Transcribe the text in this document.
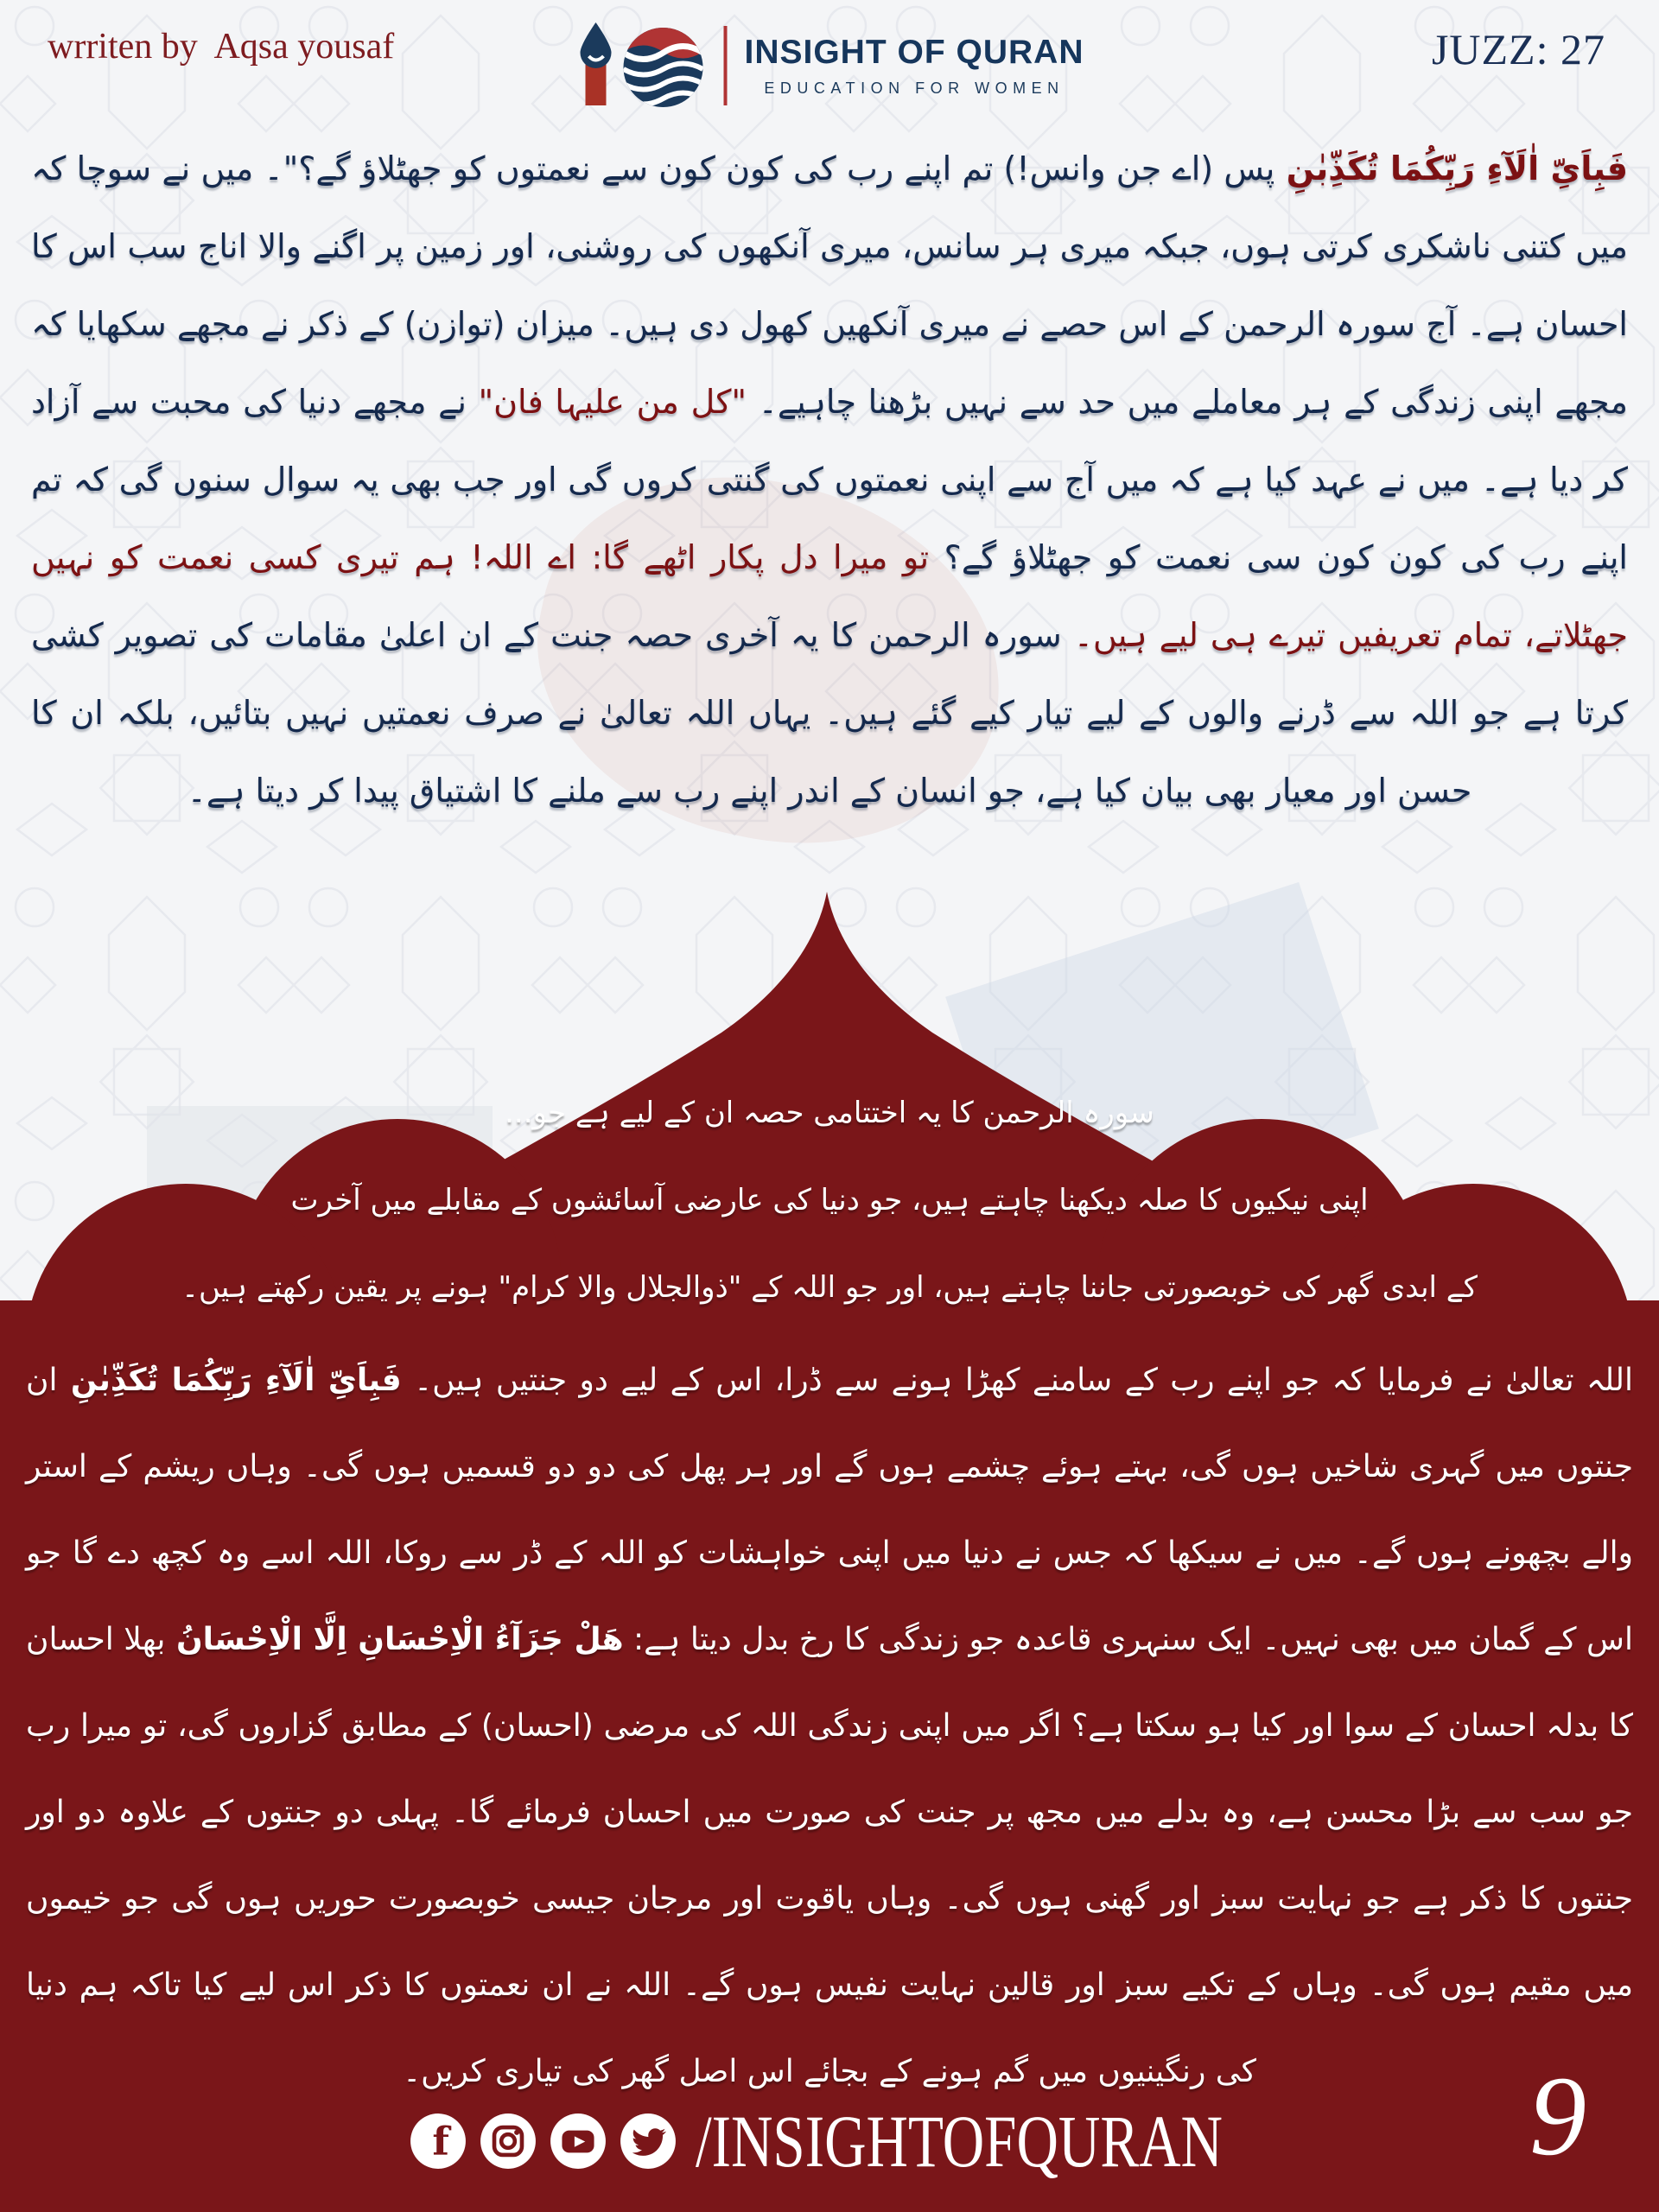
wrriten by  Aqsa yousaf	JUZZ: 27
INSIGHT OF QURAN
EDUCATION FOR WOMEN
فَبِاَیِّ اٰلَآءِ رَبِّکُمَا تُکَذِّبٰنِ پس (اے جن وانس!) تم اپنے رب کی کون کون سے نعمتوں کو جھٹلاؤ گے؟"۔ میں نے سوچا کہ میں کتنی ناشکری کرتی ہوں، جبکہ میری ہر سانس، میری آنکھوں کی روشنی، اور زمین پر اگنے والا اناج سب اس کا احسان ہے۔ آج سورہ الرحمن کے اس حصے نے میری آنکھیں کھول دی ہیں۔ میزان (توازن) کے ذکر نے مجھے سکھایا کہ مجھے اپنی زندگی کے ہر معاملے میں حد سے نہیں بڑھنا چاہیے۔ "کل من علیہا فان" نے مجھے دنیا کی محبت سے آزاد کر دیا ہے۔ میں نے عہد کیا ہے کہ میں آج سے اپنی نعمتوں کی گنتی کروں گی اور جب بھی یہ سوال سنوں گی کہ تم اپنے رب کی کون کون سی نعمت کو جھٹلاؤ گے؟ تو میرا دل پکار اٹھے گا: اے اللہ! ہم تیری کسی نعمت کو نہیں جھٹلاتے، تمام تعریفیں تیرے ہی لیے ہیں۔ سورہ الرحمن کا یہ آخری حصہ جنت کے ان اعلیٰ مقامات کی تصویر کشی کرتا ہے جو اللہ سے ڈرنے والوں کے لیے تیار کیے گئے ہیں۔ یہاں اللہ تعالیٰ نے صرف نعمتیں نہیں بتائیں، بلکہ ان کا حسن اور معیار بھی بیان کیا ہے، جو انسان کے اندر اپنے رب سے ملنے کا اشتیاق پیدا کر دیتا ہے۔
سورہ الرحمن کا یہ اختتامی حصہ ان کے لیے ہے جو...
اپنی نیکیوں کا صلہ دیکھنا چاہتے ہیں، جو دنیا کی عارضی آسائشوں کے مقابلے میں آخرت
کے ابدی گھر کی خوبصورتی جاننا چاہتے ہیں، اور جو اللہ کے "ذوالجلال والا کرام" ہونے پر یقین رکھتے ہیں۔
اللہ تعالیٰ نے فرمایا کہ جو اپنے رب کے سامنے کھڑا ہونے سے ڈرا، اس کے لیے دو جنتیں ہیں۔ فَبِاَیِّ اٰلَآءِ رَبِّکُمَا تُکَذِّبٰنِ ان جنتوں میں گہری شاخیں ہوں گی، بہتے ہوئے چشمے ہوں گے اور ہر پھل کی دو دو قسمیں ہوں گی۔ وہاں ریشم کے استر والے بچھونے ہوں گے۔ میں نے سیکھا کہ جس نے دنیا میں اپنی خواہشات کو اللہ کے ڈر سے روکا، اللہ اسے وہ کچھ دے گا جو اس کے گمان میں بھی نہیں۔ ایک سنہری قاعدہ جو زندگی کا رخ بدل دیتا ہے: هَلْ جَزَآءُ الْاِحْسَانِ اِلَّا الْاِحْسَانُ بھلا احسان کا بدلہ احسان کے سوا اور کیا ہو سکتا ہے؟ اگر میں اپنی زندگی اللہ کی مرضی (احسان) کے مطابق گزاروں گی، تو میرا رب جو سب سے بڑا محسن ہے، وہ بدلے میں مجھ پر جنت کی صورت میں احسان فرمائے گا۔ پہلی دو جنتوں کے علاوہ دو اور جنتوں کا ذکر ہے جو نہایت سبز اور گھنی ہوں گی۔ وہاں یاقوت اور مرجان جیسی خوبصورت حوریں ہوں گی جو خیموں میں مقیم ہوں گی۔ وہاں کے تکیے سبز اور قالین نہایت نفیس ہوں گے۔ اللہ نے ان نعمتوں کا ذکر اس لیے کیا تاکہ ہم دنیا کی رنگینیوں میں گم ہونے کے بجائے اس اصل گھر کی تیاری کریں۔
f	/INSIGHTOFQURAN	9
